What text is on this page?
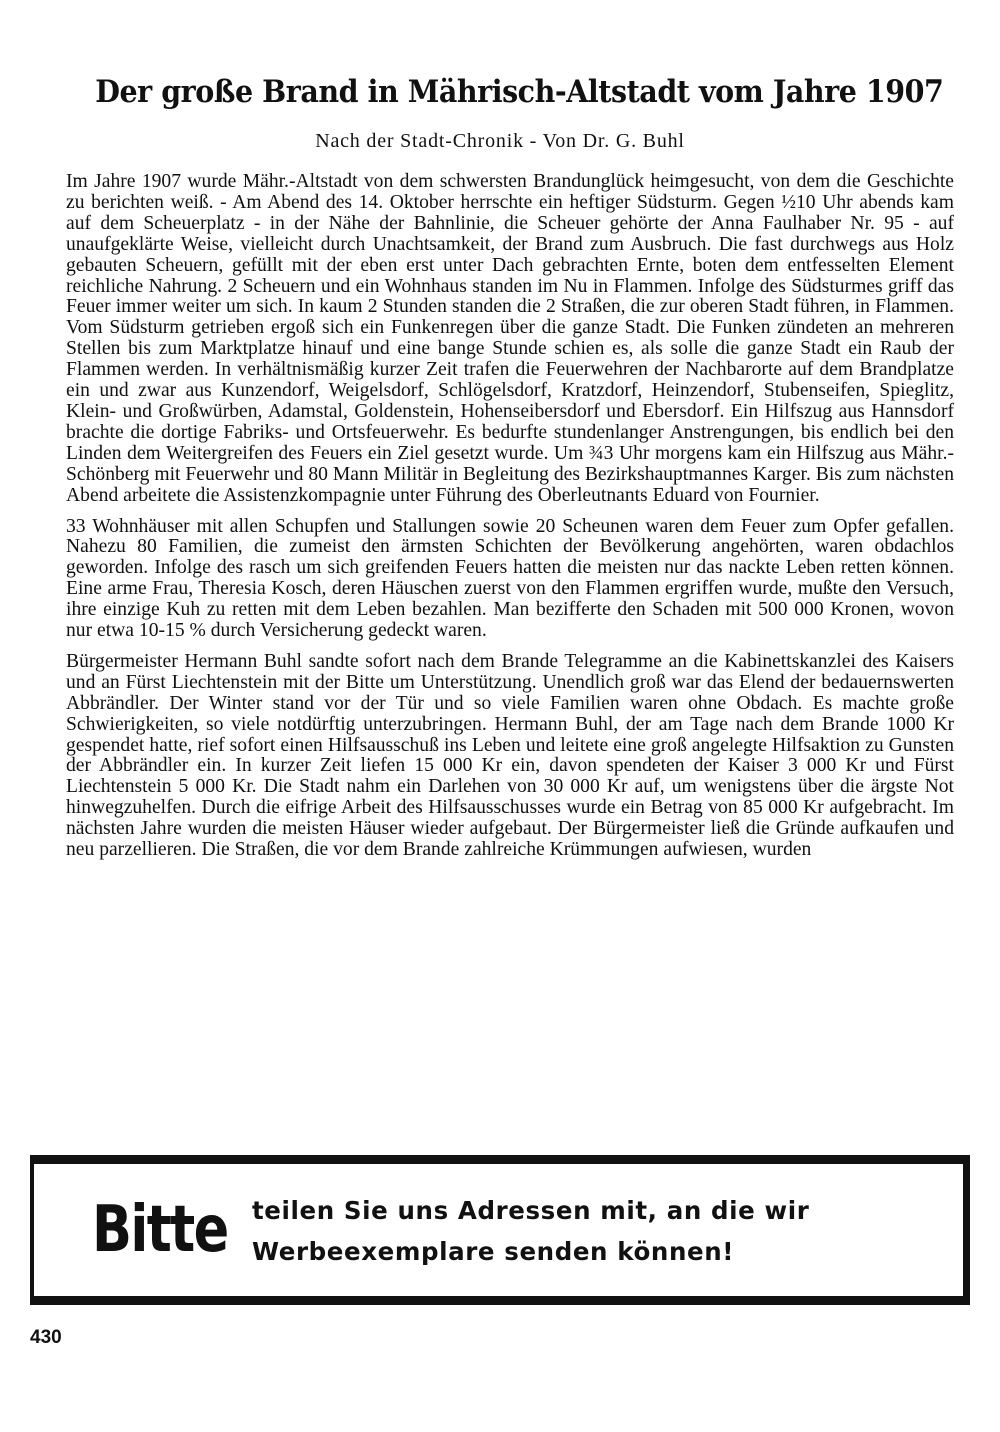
Der große Brand in Mährisch-Altstadt vom Jahre 1907
Nach der Stadt-Chronik - Von Dr. G. Buhl

Im Jahre 1907 wurde Mähr.-Altstadt von dem schwersten Brandunglück heimgesucht, von dem die Geschichte zu berichten weiß. - Am Abend des 14. Oktober herrschte ein heftiger Südsturm. Gegen ½10 Uhr abends kam auf dem Scheuerplatz - in der Nähe der Bahnlinie, die Scheuer gehörte der Anna Faulhaber Nr. 95 - auf unaufgeklärte Weise, vielleicht durch Unachtsamkeit, der Brand zum Ausbruch. Die fast durchwegs aus Holz gebauten Scheuern, gefüllt mit der eben erst unter Dach gebrachten Ernte, boten dem entfesselten Element reichliche Nahrung. 2 Scheuern und ein Wohnhaus standen im Nu in Flammen. Infolge des Südsturmes griff das Feuer immer weiter um sich. In kaum 2 Stunden standen die 2 Straßen, die zur oberen Stadt führen, in Flammen. Vom Südsturm getrieben ergoß sich ein Funkenregen über die ganze Stadt. Die Funken zündeten an mehreren Stellen bis zum Marktplatze hinauf und eine bange Stunde schien es, als solle die ganze Stadt ein Raub der Flammen werden. In verhältnismäßig kurzer Zeit trafen die Feuerwehren der Nachbarorte auf dem Brandplatze ein und zwar aus Kunzendorf, Weigelsdorf, Schlögelsdorf, Kratzdorf, Heinzendorf, Stubenseifen, Spieglitz, Klein- und Großwürben, Adamstal, Goldenstein, Hohenseibersdorf und Ebersdorf. Ein Hilfszug aus Hannsdorf brachte die dortige Fabriks- und Ortsfeuerwehr. Es bedurfte stundenlanger Anstrengungen, bis endlich bei den Linden dem Weitergreifen des Feuers ein Ziel gesetzt wurde. Um ¾3 Uhr morgens kam ein Hilfszug aus Mähr.-Schönberg mit Feuerwehr und 80 Mann Militär in Begleitung des Bezirkshauptmannes Karger. Bis zum nächsten Abend arbeitete die Assistenzkompagnie unter Führung des Oberleutnants Eduard von Fournier.

33 Wohnhäuser mit allen Schupfen und Stallungen sowie 20 Scheunen waren dem Feuer zum Opfer gefallen. Nahezu 80 Familien, die zumeist den ärmsten Schichten der Bevölkerung angehörten, waren obdachlos geworden. Infolge des rasch um sich greifenden Feuers hatten die meisten nur das nackte Leben retten können. Eine arme Frau, Theresia Kosch, deren Häuschen zuerst von den Flammen ergriffen wurde, mußte den Versuch, ihre einzige Kuh zu retten mit dem Leben bezahlen. Man bezifferte den Schaden mit 500 000 Kronen, wovon nur etwa 10-15 % durch Versicherung gedeckt waren.

Bürgermeister Hermann Buhl sandte sofort nach dem Brande Telegramme an die Kabinettskanzlei des Kaisers und an Fürst Liechtenstein mit der Bitte um Unterstützung. Unendlich groß war das Elend der bedauernswerten Abbrändler. Der Winter stand vor der Tür und so viele Familien waren ohne Obdach. Es machte große Schwierigkeiten, so viele notdürftig unterzubringen. Hermann Buhl, der am Tage nach dem Brande 1000 Kr gespendet hatte, rief sofort einen Hilfsausschuß ins Leben und leitete eine groß angelegte Hilfsaktion zu Gunsten der Abbrändler ein. In kurzer Zeit liefen 15 000 Kr ein, davon spendeten der Kaiser 3 000 Kr und Fürst Liechtenstein 5 000 Kr. Die Stadt nahm ein Darlehen von 30 000 Kr auf, um wenigstens über die ärgste Not hinwegzuhelfen. Durch die eifrige Arbeit des Hilfsausschusses wurde ein Betrag von 85 000 Kr aufgebracht. Im nächsten Jahre wurden die meisten Häuser wieder aufgebaut. Der Bürgermeister ließ die Gründe aufkaufen und neu parzellieren. Die Straßen, die vor dem Brande zahlreiche Krümmungen aufwiesen, wurden

Bitte teilen Sie uns Adressen mit, an die wir Werbeexemplare senden können!
430
